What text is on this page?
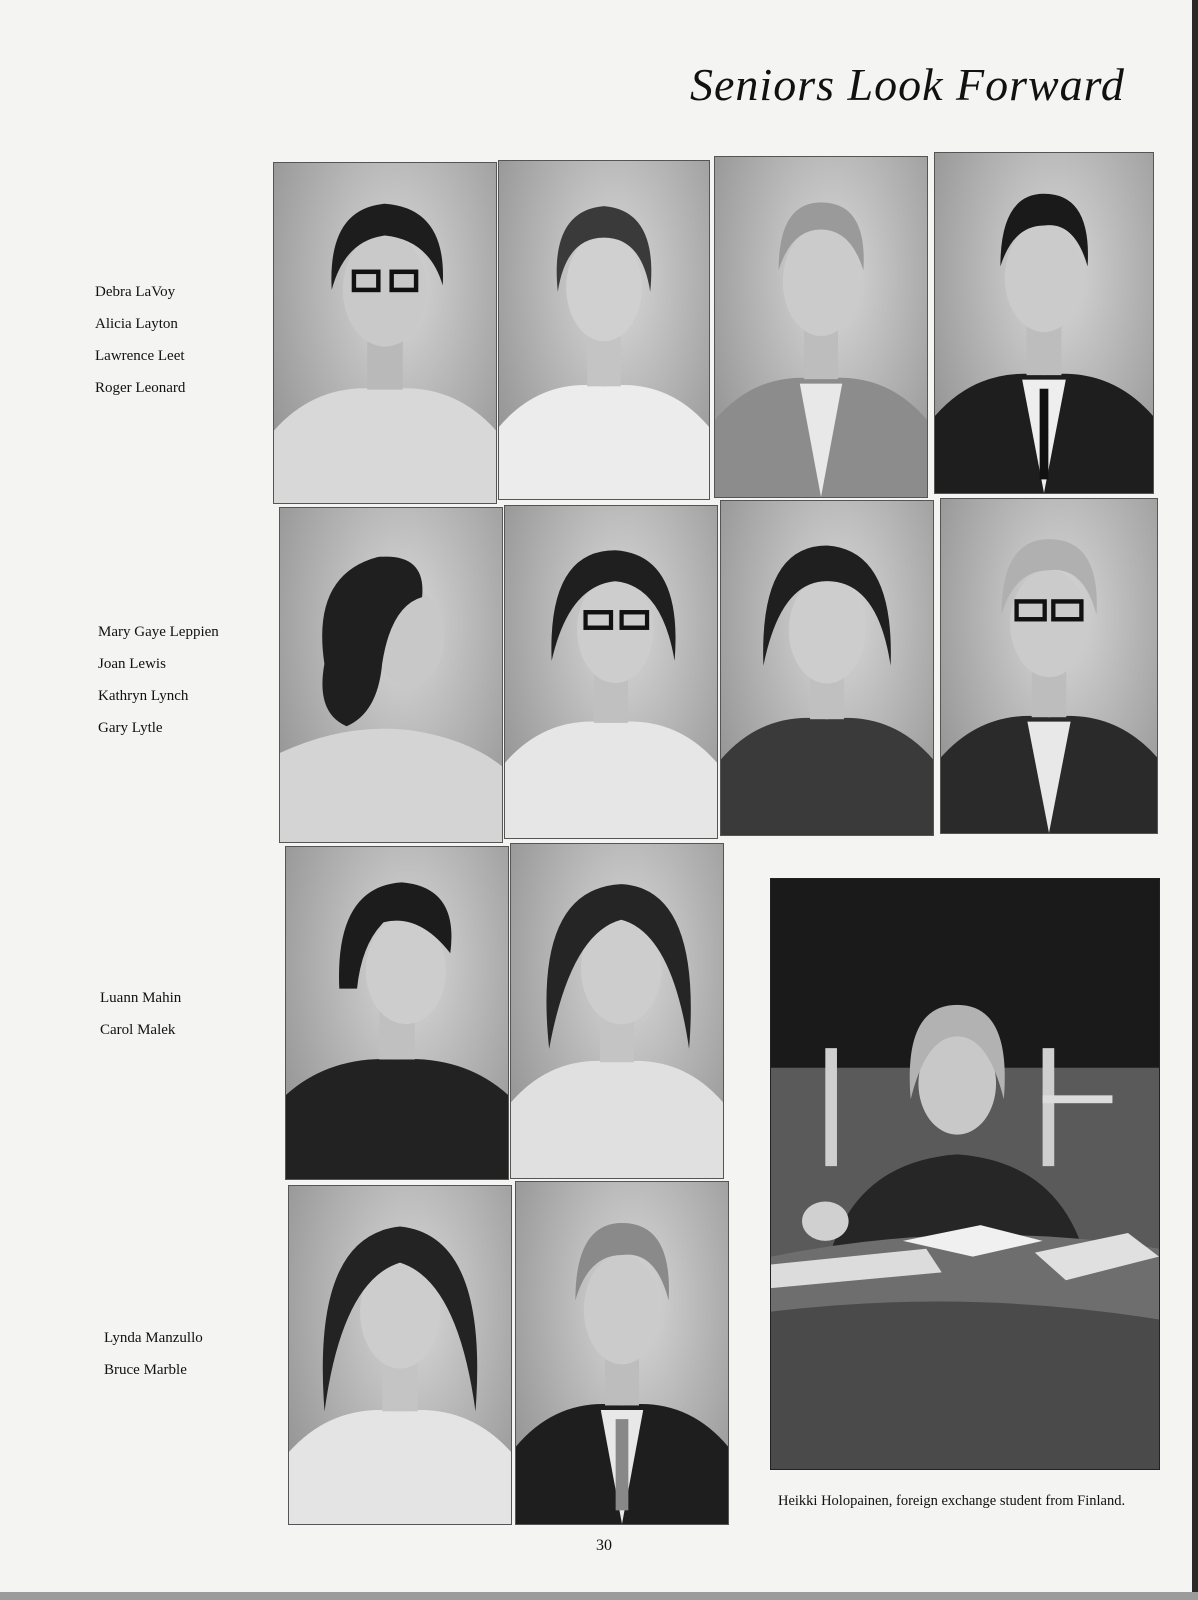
Seniors Look Forward
Debra LaVoy
Alicia Layton
Lawrence Leet
Roger Leonard
Mary Gaye Leppien
Joan Lewis
Kathryn Lynch
Gary Lytle
Luann Mahin
Carol Malek
Lynda Manzullo
Bruce Marble
Heikki Holopainen, foreign exchange student from Finland.
30
